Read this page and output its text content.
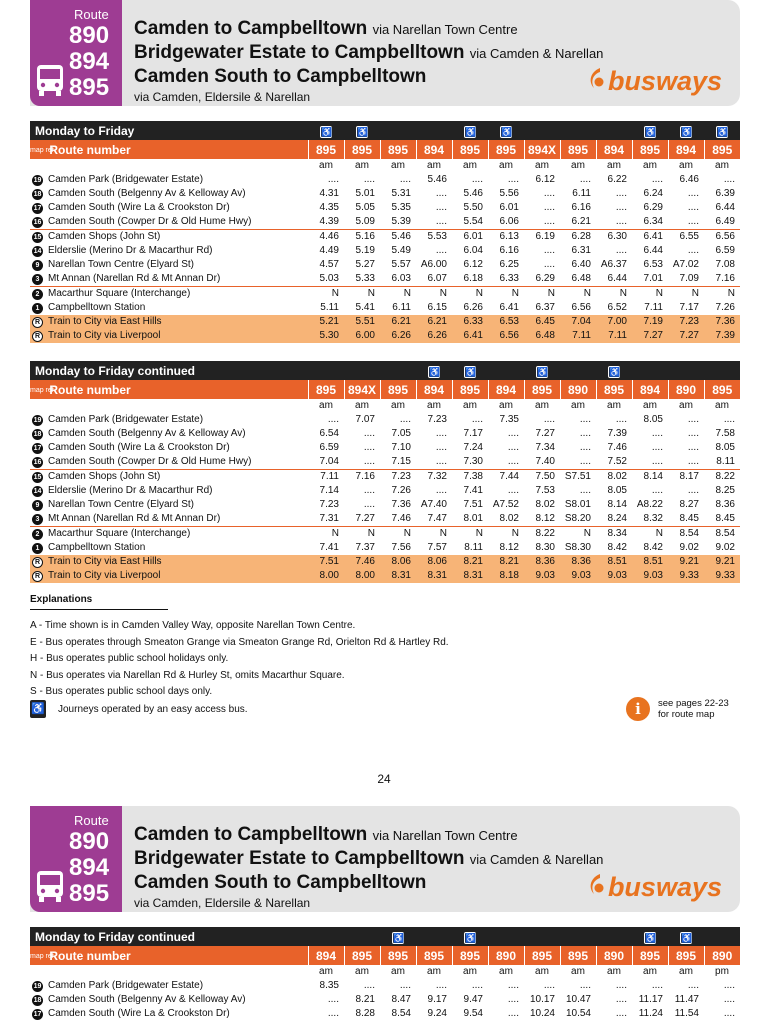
Route
890
894
895
Camden to Campbelltown via Narellan Town Centre
Bridgewater Estate to Campbelltown via Camden & Narellan
Camden South to Campbelltown
via Camden, Eldersile & Narellan
busways
Monday to Friday	♿	♿			♿	♿				♿	♿	♿
map ref Route number	895	895	895	894	895	895	894X	895	894	895	894	895
	am	am	am	am	am	am	am	am	am	am	am	am

19 Camden Park (Bridgewater Estate)	....	....	....	5.46	....	....	6.12	....	6.22	....	6.46	....

18 Camden South (Belgenny Av & Kelloway Av)	4.31	5.01	5.31	....	5.46	5.56	....	6.11	....	6.24	....	6.39

17 Camden South (Wire La & Crookston Dr)	4.35	5.05	5.35	....	5.50	6.01	....	6.16	....	6.29	....	6.44

16 Camden South (Cowper Dr & Old Hume Hwy)	4.39	5.09	5.39	....	5.54	6.06	....	6.21	....	6.34	....	6.49

15 Camden Shops (John St)	4.46	5.16	5.46	5.53	6.01	6.13	6.19	6.28	6.30	6.41	6.55	6.56

14 Elderslie (Merino Dr & Macarthur Rd)	4.49	5.19	5.49	....	6.04	6.16	....	6.31	....	6.44	....	6.59

9 Narellan Town Centre (Elyard St)	4.57	5.27	5.57	A6.00	6.12	6.25	....	6.40	A6.37	6.53	A7.02	7.08

3 Mt Annan (Narellan Rd & Mt Annan Dr)	5.03	5.33	6.03	6.07	6.18	6.33	6.29	6.48	6.44	7.01	7.09	7.16

2 Macarthur Square (Interchange)	N	N	N	N	N	N	N	N	N	N	N	N

1 Campbelltown Station	5.11	5.41	6.11	6.15	6.26	6.41	6.37	6.56	6.52	7.11	7.17	7.26

R Train to City via East Hills	5.21	5.51	6.21	6.21	6.33	6.53	6.45	7.04	7.00	7.19	7.23	7.36

R Train to City via Liverpool	5.30	6.00	6.26	6.26	6.41	6.56	6.48	7.11	7.11	7.27	7.27	7.39
Monday to Friday continued				♿	♿		♿		♿			
map ref Route number	895	894X	895	894	895	894	895	890	895	894	890	895
	am	am	am	am	am	am	am	am	am	am	am	am

19 Camden Park (Bridgewater Estate)	....	7.07	....	7.23	....	7.35	....	....	....	8.05	....	....

18 Camden South (Belgenny Av & Kelloway Av)	6.54	....	7.05	....	7.17	....	7.27	....	7.39	....	....	7.58

17 Camden South (Wire La & Crookston Dr)	6.59	....	7.10	....	7.24	....	7.34	....	7.46	....	....	8.05

16 Camden South (Cowper Dr & Old Hume Hwy)	7.04	....	7.15	....	7.30	....	7.40	....	7.52	....	....	8.11

15 Camden Shops (John St)	7.11	7.16	7.23	7.32	7.38	7.44	7.50	S7.51	8.02	8.14	8.17	8.22

14 Elderslie (Merino Dr & Macarthur Rd)	7.14	....	7.26	....	7.41	....	7.53	....	8.05	....	....	8.25

9 Narellan Town Centre (Elyard St)	7.23	....	7.36	A7.40	7.51	A7.52	8.02	S8.01	8.14	A8.22	8.27	8.36

3 Mt Annan (Narellan Rd & Mt Annan Dr)	7.31	7.27	7.46	7.47	8.01	8.02	8.12	S8.20	8.24	8.32	8.45	8.45

2 Macarthur Square (Interchange)	N	N	N	N	N	N	8.22	N	8.34	N	8.54	8.54

1 Campbelltown Station	7.41	7.37	7.56	7.57	8.11	8.12	8.30	S8.30	8.42	8.42	9.02	9.02

R Train to City via East Hills	7.51	7.46	8.06	8.06	8.21	8.21	8.36	8.36	8.51	8.51	9.21	9.21

R Train to City via Liverpool	8.00	8.00	8.31	8.31	8.31	8.18	9.03	9.03	9.03	9.03	9.33	9.33
Explanations
A - Time shown is in Camden Valley Way, opposite Narellan Town Centre.
E - Bus operates through Smeaton Grange via Smeaton Grange Rd, Orielton Rd & Hartley Rd.
H - Bus operates public school holidays only.
N - Bus operates via Narellan Rd & Hurley St, omits Macarthur Square.
S - Bus operates public school days only.
♿ Journeys operated by an easy access bus.	i	see pages 22-23
for route map
24
Route
890
894
895
Camden to Campbelltown via Narellan Town Centre
Bridgewater Estate to Campbelltown via Camden & Narellan
Camden South to Campbelltown
via Camden, Eldersile & Narellan
busways
Monday to Friday continued			♿		♿					♿	♿	
map ref Route number	894	895	895	895	895	890	895	895	890	895	895	890
	am	am	am	am	am	am	am	am	am	am	am	pm

19 Camden Park (Bridgewater Estate)	8.35	....	....	....	....	....	....	....	....	....	....	....

18 Camden South (Belgenny Av & Kelloway Av)	....	8.21	8.47	9.17	9.47	....	10.17	10.47	....	11.17	11.47	....

17 Camden South (Wire La & Crookston Dr)	....	8.28	8.54	9.24	9.54	....	10.24	10.54	....	11.24	11.54	....
